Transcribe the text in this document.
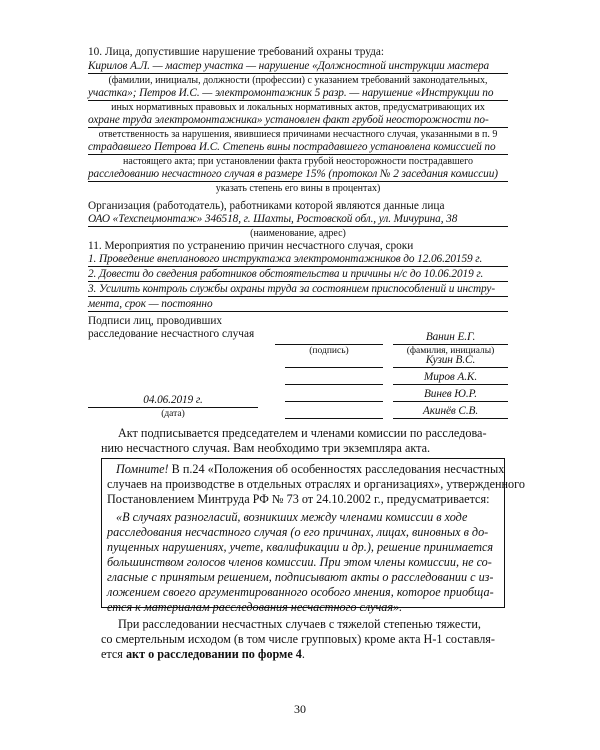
10. Лица, допустившие нарушение требований охраны труда:
Кирилов А.Л. — мастер участка — нарушение «Должностной инструкции мастера
(фамилии, инициалы, должности (профессии) с указанием требований законодательных,
участка»; Петров И.С. — электромонтажник 5 разр. — нарушение «Инструкции по
иных нормативных правовых и локальных нормативных актов, предусматривающих их
охране труда электромонтажника» установлен факт грубой неосторожности по-
ответственность за нарушения, явившиеся причинами несчастного случая, указанными в п. 9
страдавшего Петрова И.С. Степень вины пострадавшего установлена комиссией по
настоящего акта; при установлении факта грубой неосторожности пострадавшего
расследованию несчастного случая в размере 15% (протокол № 2 заседания комиссии)
указать степень его вины в процентах)
Организация (работодатель), работниками которой являются данные лица
ОАО «Техспецмонтаж» 346518, г. Шахты, Ростовской обл., ул. Мичурина, 38
(наименование, адрес)
11. Мероприятия по устранению причин несчастного случая, сроки
1. Проведение внепланового инструктажа электромонтажников до 12.06.20159 г.
2. Довести до сведения работников обстоятельства и причины н/с до 10.06.2019 г.
3. Усилить контроль службы охраны труда за состоянием приспособлений и инстру-
мента, срок — постоянно
Подписи лиц, проводивших
расследование несчастного случая
(подпись)
Ванин Е.Г.
(фамилия, инициалы)
Кузин В.С.
Миров А.К.
Винев Ю.Р.
Акинёв С.В.
04.06.2019 г.
(дата)
Акт подписывается председателем и членами комиссии по расследова-
нию несчастного случая. Вам необходимо три экземпляра акта.
Помните! В п.24 «Положения об особенностях расследования несчастных
случаев на производстве в отдельных отраслях и организациях», утвержденного
Постановлением Минтруда РФ № 73 от 24.10.2002 г., предусматривается:
«В случаях разногласий, возникших между членами комиссии в ходе
расследования несчастного случая (о его причинах, лицах, виновных в до-
пущенных нарушениях, учете, квалификации и др.), решение принимается
большинством голосов членов комиссии. При этом члены комиссии, не со-
гласные с принятым решением, подписывают акты о расследовании с из-
ложением своего аргументированного особого мнения, которое приобща-
ется к материалам расследования несчастного случая».
При расследовании несчастных случаев с тяжелой степенью тяжести,
со смертельным исходом (в том числе групповых) кроме акта Н-1 составля-
ется акт о расследовании по форме 4.
30
